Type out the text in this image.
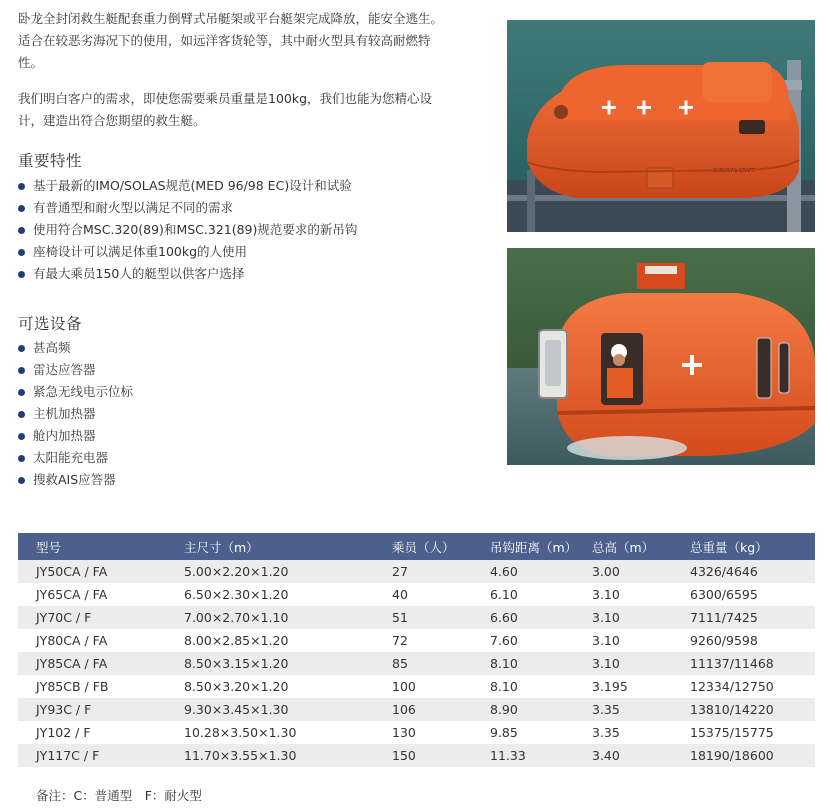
卧龙全封闭救生艇配套重力倒臂式吊艇架或平台艇架完成降放，能安全逃生。适合在较恶劣海况下的使用，如远洋客货轮等，其中耐火型具有较高耐燃特性。

我们明白客户的需求，即使您需要乘员重量是100kg，我们也能为您精心设计，建造出符合您期望的救生艇。

重要特性
基于最新的IMO/SOLAS规范(MED 96/98 EC)设计和试验
有普通型和耐火型以满足不同的需求
使用符合MSC.320(89)和MSC.321(89)规范要求的新吊钩
座椅设计可以满足体重100kg的人使用
有最大乘员150人的艇型以供客户选择
可选设备
甚高频
雷达应答器
紧急无线电示位标
主机加热器
舱内加热器
太阳能充电器
搜救AIS应答器
SURVIVAL CRAFT
型号	主尺寸（m）	乘员（人）	吊钩距离（m）	总高（m）	总重量（kg）
JY50CA / FA	5.00×2.20×1.20	27	4.60	3.00	4326/4646
JY65CA / FA	6.50×2.30×1.20	40	6.10	3.10	6300/6595
JY70C / F	7.00×2.70×1.10	51	6.60	3.10	7111/7425
JY80CA / FA	8.00×2.85×1.20	72	7.60	3.10	9260/9598
JY85CA / FA	8.50×3.15×1.20	85	8.10	3.10	11137/11468
JY85CB / FB	8.50×3.20×1.20	100	8.10	3.195	12334/12750
JY93C / F	9.30×3.45×1.30	106	8.90	3.35	13810/14220
JY102 / F	10.28×3.50×1.30	130	9.85	3.35	15375/15775
JY117C / F	11.70×3.55×1.30	150	11.33	3.40	18190/18600
备注：C：普通型　F：耐火型
